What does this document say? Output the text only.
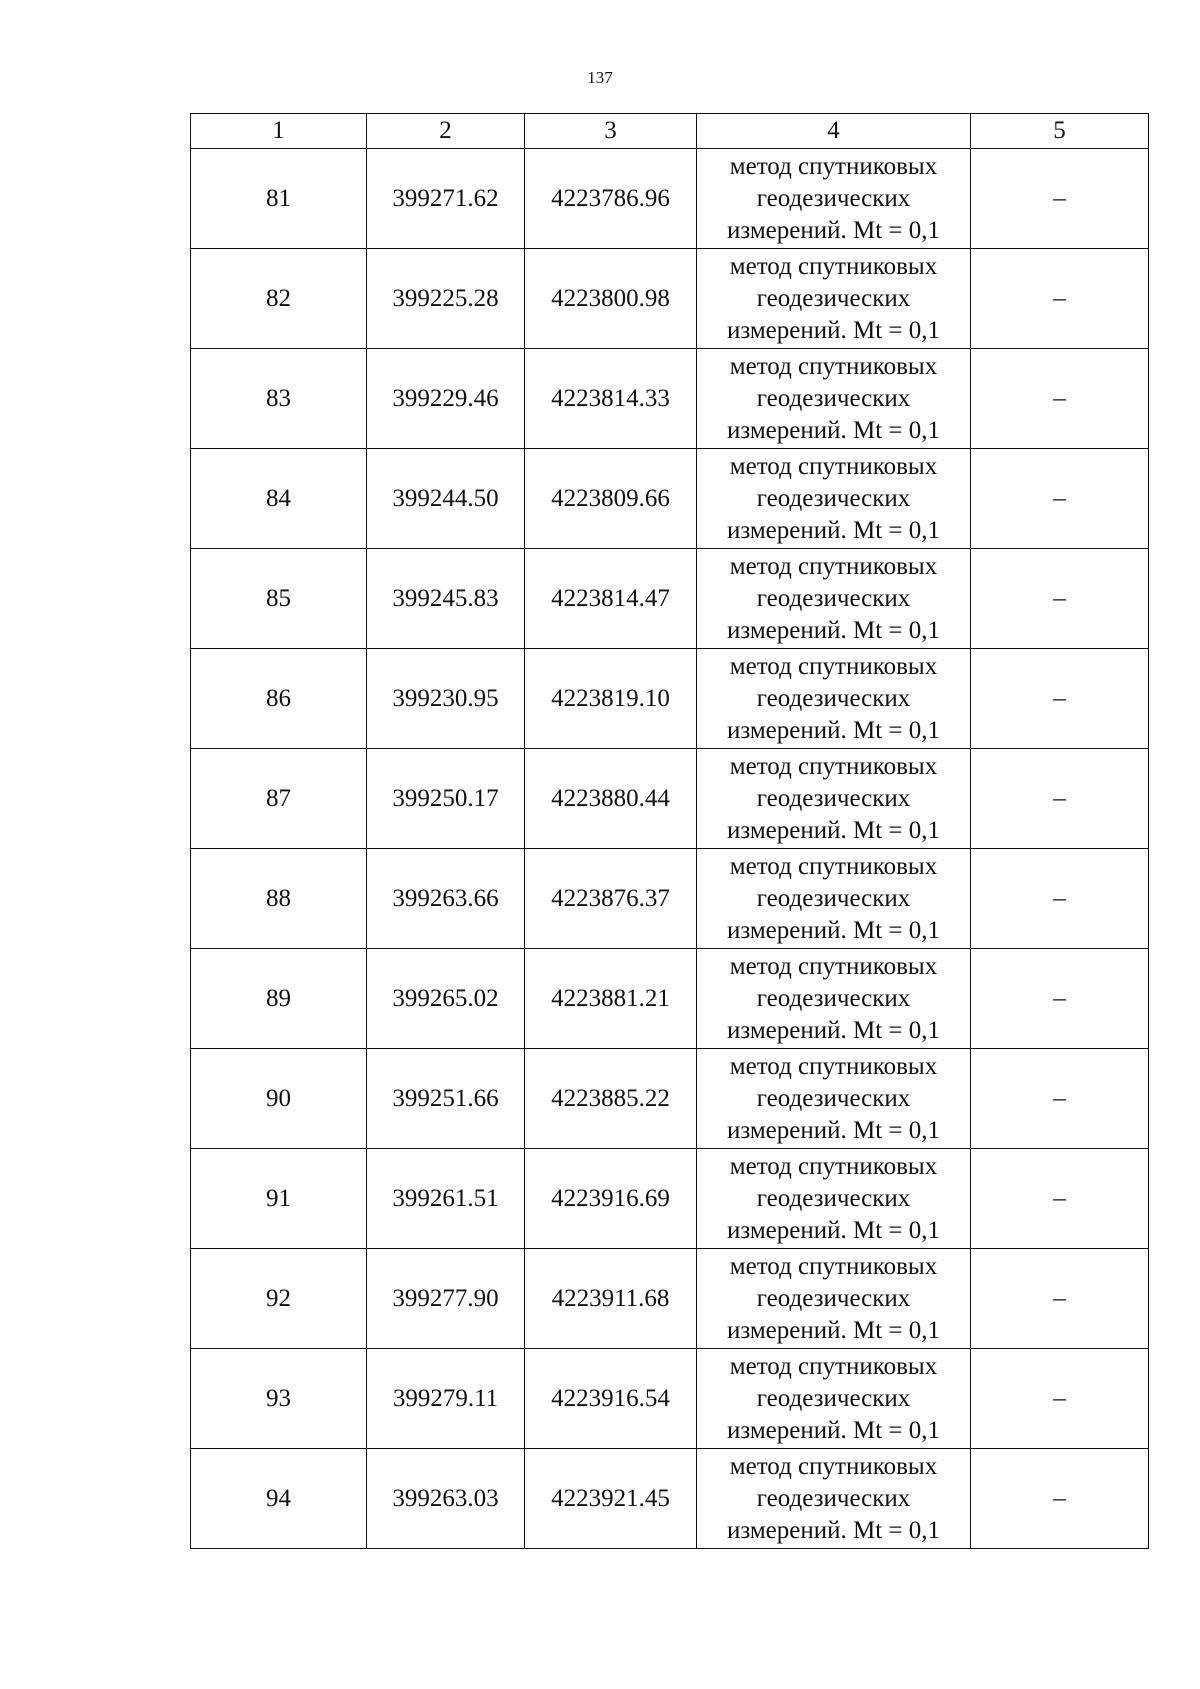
137
1	2	3	4	5
81	399271.62	4223786.96	метод спутниковых
геодезических
измерений. Mt = 0,1	–
82	399225.28	4223800.98	метод спутниковых
геодезических
измерений. Mt = 0,1	–
83	399229.46	4223814.33	метод спутниковых
геодезических
измерений. Mt = 0,1	–
84	399244.50	4223809.66	метод спутниковых
геодезических
измерений. Mt = 0,1	–
85	399245.83	4223814.47	метод спутниковых
геодезических
измерений. Mt = 0,1	–
86	399230.95	4223819.10	метод спутниковых
геодезических
измерений. Mt = 0,1	–
87	399250.17	4223880.44	метод спутниковых
геодезических
измерений. Mt = 0,1	–
88	399263.66	4223876.37	метод спутниковых
геодезических
измерений. Mt = 0,1	–
89	399265.02	4223881.21	метод спутниковых
геодезических
измерений. Mt = 0,1	–
90	399251.66	4223885.22	метод спутниковых
геодезических
измерений. Mt = 0,1	–
91	399261.51	4223916.69	метод спутниковых
геодезических
измерений. Mt = 0,1	–
92	399277.90	4223911.68	метод спутниковых
геодезических
измерений. Mt = 0,1	–
93	399279.11	4223916.54	метод спутниковых
геодезических
измерений. Mt = 0,1	–
94	399263.03	4223921.45	метод спутниковых
геодезических
измерений. Mt = 0,1	–
